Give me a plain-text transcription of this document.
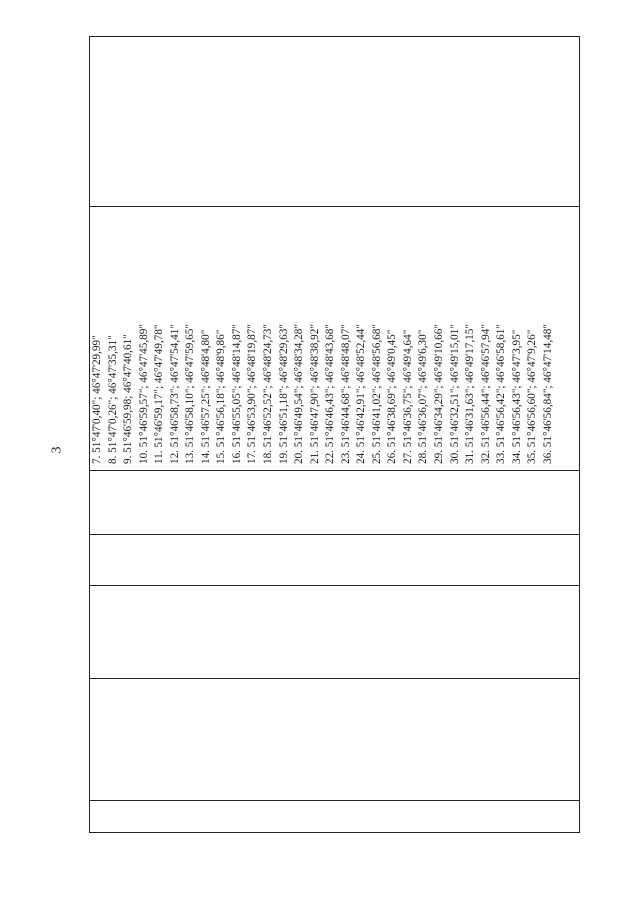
3 7. 51°47'0,40"; 46°47'29,99" 8. 51°47'0,26"; 46°47'35,31" 9. 51°46'59,98; 46°47'40,61" 10. 51°46'59,57"; 46°47'45,89" 11. 51°46'59,17"; 46°47'49,78" 12. 51°46'58,73"; 46°47'54,41" 13. 51°46'58,10"; 46°47'59,65" 14. 51°46'57,25"; 46°48'4,80" 15. 51°46'56,18"; 46°48'9,86" 16. 51°46'55,05"; 46°48'14,87" 17. 51°46'53,90"; 46°48'19,87" 18. 51°46'52,52"; 46°48'24,73" 19. 51°46'51,18"; 46°48'29,63" 20. 51°46'49,54"; 46°48'34,28" 21. 51°46'47,90"; 46°48'38,92" 22. 51°46'46,43"; 46°48'43,68" 23. 51°46'44,68"; 46°48'48,07" 24. 51°46'42,91"; 46°48'52,44" 25. 51°46'41,02"; 46°48'56,68" 26. 51°46'38,69"; 46°49'0,45" 27. 51°46'36,75"; 46°49'4,64" 28. 51°46'36,07"; 46°49'6,30" 29. 51°46'34,29"; 46°49'10,66" 30. 51°46'32,51"; 46°49'15,01" 31. 51°46'31,63"; 46°49'17,15" 32. 51°46'56,44"; 46°46'57,94" 33. 51°46'56,42"; 46°46'58,61" 34. 51°46'56,43"; 46°47'3,95" 35. 51°46'56,60"; 46°47'9,26" 36. 51°46'56,84"; 46°47'14,48"
